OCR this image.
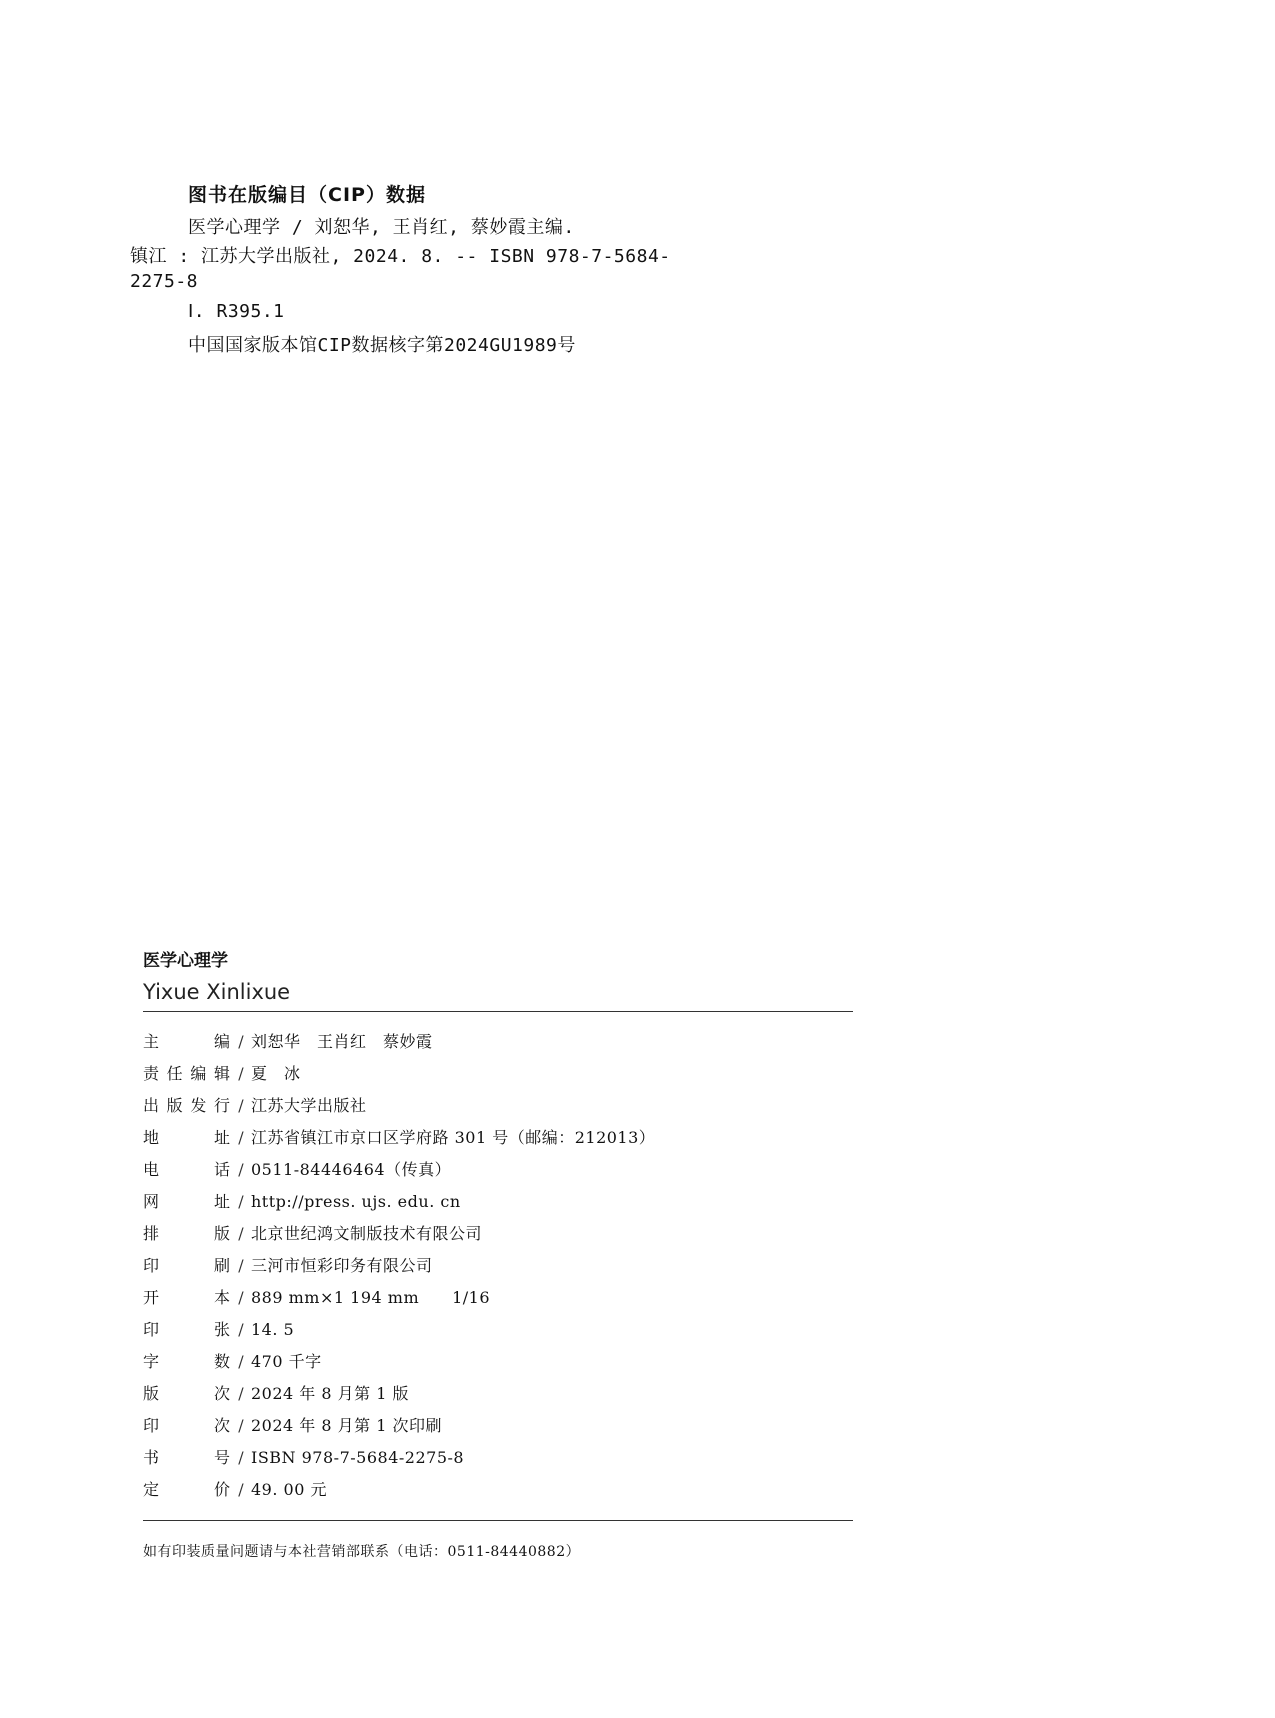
图书在版编目（CIP）数据
医学心理学 / 刘恕华, 王肖红, 蔡妙霞主编.
镇江 : 江苏大学出版社, 2024. 8. -- ISBN 978-7-5684-
2275-8
Ⅰ. R395.1
中国国家版本馆CIP数据核字第2024GU1989号
医学心理学
Yixue Xinlixue
主	编 / 刘恕华　王肖红　蔡妙霞
责 任 编 辑 / 夏　冰
出 版 发 行 / 江苏大学出版社
地	址 / 江苏省镇江市京口区学府路 301 号（邮编：212013）
电	话 / 0511-84446464（传真）
网	址 / http://press. ujs. edu. cn
排	版 / 北京世纪鸿文制版技术有限公司
印	刷 / 三河市恒彩印务有限公司
开	本 / 889 mm×1 194 mm　　1/16
印	张 / 14. 5
字	数 / 470 千字
版	次 / 2024 年 8 月第 1 版
印	次 / 2024 年 8 月第 1 次印刷
书	号 / ISBN 978-7-5684-2275-8
定	价 / 49. 00 元
如有印装质量问题请与本社营销部联系（电话：0511-84440882）
